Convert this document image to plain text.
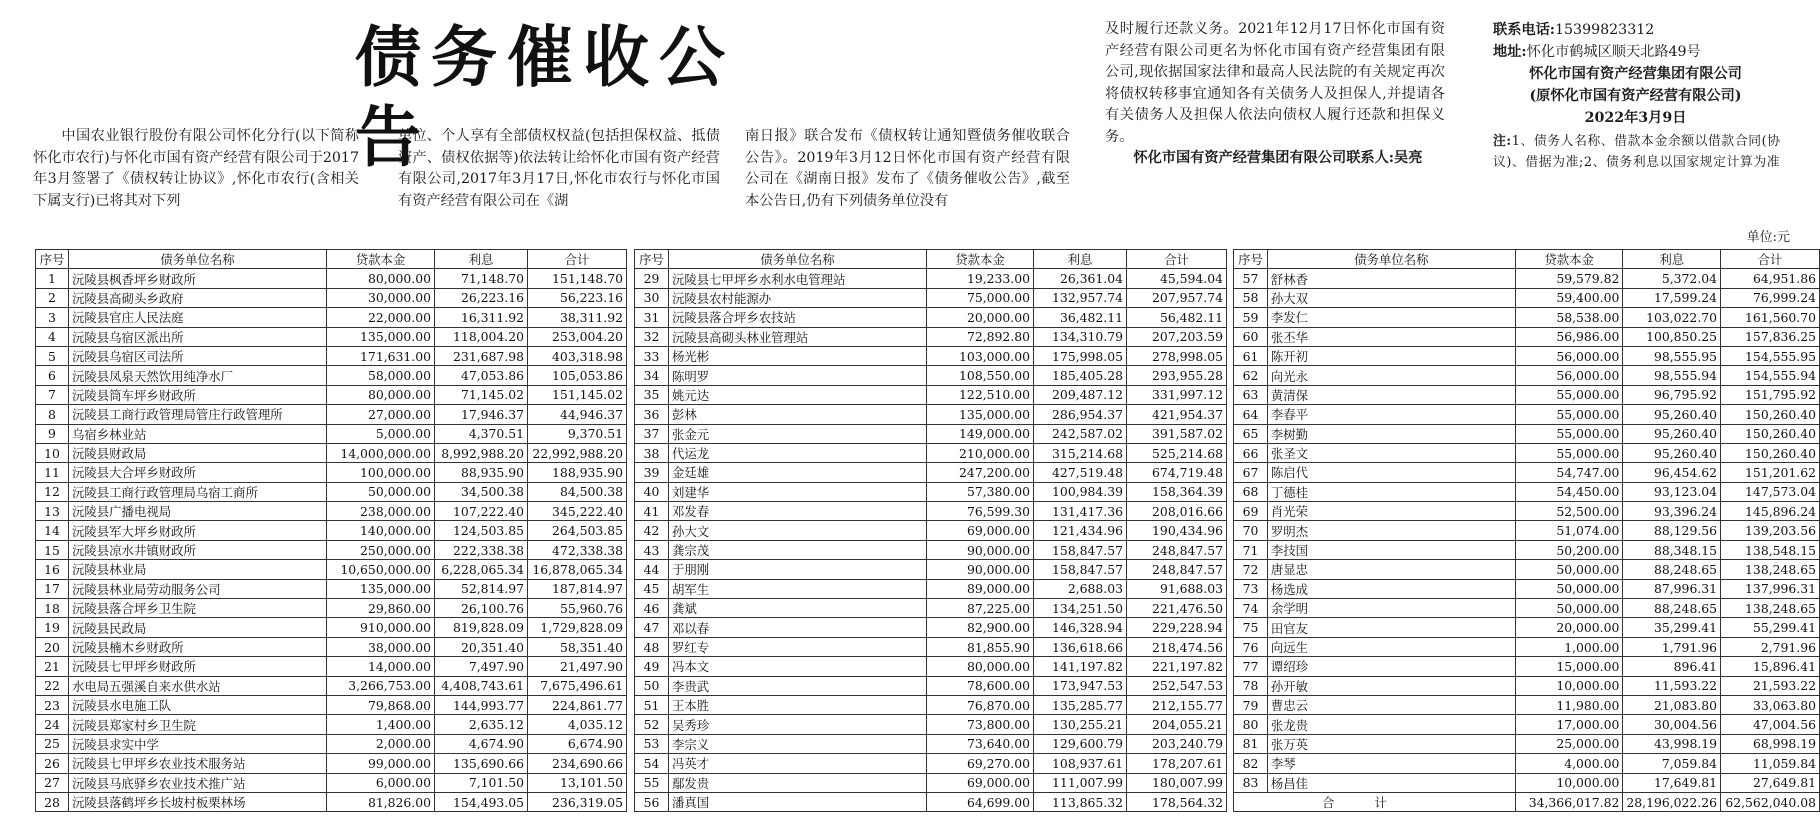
债务催收公告

中国农业银行股份有限公司怀化分行(以下简称怀化市农行)与怀化市国有资产经营有限公司于2017年3月签署了《债权转让协议》,怀化市农行(含相关下属支行)已将其对下列

单位、个人享有全部债权权益(包括担保权益、抵债资产、债权依据等)依法转让给怀化市国有资产经营有限公司,2017年3月17日,怀化市农行与怀化市国有资产经营有限公司在《湖
南日报》联合发布《债权转让通知暨债务催收联合公告》。2019年3月12日怀化市国有资产经营有限公司在《湖南日报》发布了《债务催收公告》,截至本公告日,仍有下列债务单位没有
及时履行还款义务。2021年12月17日怀化市国有资产经营有限公司更名为怀化市国有资产经营集团有限公司,现依据国家法律和最高人民法院的有关规定再次将债权转移事宜通知各有关债务人及担保人,并提请各有关债务人及担保人依法向债权人履行还款和担保义务。

怀化市国有资产经营集团有限公司联系人:吴亮

联系电话:15399823312
地址:怀化市鹤城区顺天北路49号
怀化市国有资产经营集团有限公司
(原怀化市国有资产经营有限公司)
2022年3月9日
注:1、债务人名称、借款本金余额以借款合同(协议)、借据为准;2、债务利息以国家规定计算为准
单位:元
序号	债务单位名称	贷款本金	利息	合计
1	沅陵县枫香坪乡财政所	80,000.00	71,148.70	151,148.70
2	沅陵县高砌头乡政府	30,000.00	26,223.16	56,223.16
3	沅陵县官庄人民法庭	22,000.00	16,311.92	38,311.92
4	沅陵县乌宿区派出所	135,000.00	118,004.20	253,004.20
5	沅陵县乌宿区司法所	171,631.00	231,687.98	403,318.98
6	沅陵县凤泉天然饮用纯净水厂	58,000.00	47,053.86	105,053.86
7	沅陵县筒车坪乡财政所	80,000.00	71,145.02	151,145.02
8	沅陵县工商行政管理局管庄行政管理所	27,000.00	17,946.37	44,946.37
9	乌宿乡林业站	5,000.00	4,370.51	9,370.51
10	沅陵县财政局	14,000,000.00	8,992,988.20	22,992,988.20
11	沅陵县大合坪乡财政所	100,000.00	88,935.90	188,935.90
12	沅陵县工商行政管理局乌宿工商所	50,000.00	34,500.38	84,500.38
13	沅陵县广播电视局	238,000.00	107,222.40	345,222.40
14	沅陵县军大坪乡财政所	140,000.00	124,503.85	264,503.85
15	沅陵县凉水井镇财政所	250,000.00	222,338.38	472,338.38
16	沅陵县林业局	10,650,000.00	6,228,065.34	16,878,065.34
17	沅陵县林业局劳动服务公司	135,000.00	52,814.97	187,814.97
18	沅陵县落合坪乡卫生院	29,860.00	26,100.76	55,960.76
19	沅陵县民政局	910,000.00	819,828.09	1,729,828.09
20	沅陵县楠木乡财政所	38,000.00	20,351.40	58,351.40
21	沅陵县七甲坪乡财政所	14,000.00	7,497.90	21,497.90
22	水电局五强溪自来水供水站	3,266,753.00	4,408,743.61	7,675,496.61
23	沅陵县水电施工队	79,868.00	144,993.77	224,861.77
24	沅陵县郑家村乡卫生院	1,400.00	2,635.12	4,035.12
25	沅陵县求实中学	2,000.00	4,674.90	6,674.90
26	沅陵县七甲坪乡农业技术服务站	99,000.00	135,690.66	234,690.66
27	沅陵县马底驿乡农业技术推广站	6,000.00	7,101.50	13,101.50
28	沅陵县落鹤坪乡长坡村板栗林场	81,826.00	154,493.05	236,319.05
序号	债务单位名称	贷款本金	利息	合计
29	沅陵县七甲坪乡水利水电管理站	19,233.00	26,361.04	45,594.04
30	沅陵县农村能源办	75,000.00	132,957.74	207,957.74
31	沅陵县落合坪乡农技站	20,000.00	36,482.11	56,482.11
32	沅陵县高砌头林业管理站	72,892.80	134,310.79	207,203.59
33	杨光彬	103,000.00	175,998.05	278,998.05
34	陈明罗	108,550.00	185,405.28	293,955.28
35	姚元达	122,510.00	209,487.12	331,997.12
36	彭林	135,000.00	286,954.37	421,954.37
37	张金元	149,000.00	242,587.02	391,587.02
38	代运龙	210,000.00	315,214.68	525,214.68
39	金廷雄	247,200.00	427,519.48	674,719.48
40	刘建华	57,380.00	100,984.39	158,364.39
41	邓发春	76,599.30	131,417.36	208,016.66
42	孙大文	69,000.00	121,434.96	190,434.96
43	龚宗茂	90,000.00	158,847.57	248,847.57
44	于朋刚	90,000.00	158,847.57	248,847.57
45	胡军生	89,000.00	2,688.03	91,688.03
46	龚斌	87,225.00	134,251.50	221,476.50
47	邓以春	82,900.00	146,328.94	229,228.94
48	罗红专	81,855.90	136,618.66	218,474.56
49	冯本文	80,000.00	141,197.82	221,197.82
50	李贵武	78,600.00	173,947.53	252,547.53
51	王本胜	76,870.00	135,285.77	212,155.77
52	吴秀珍	73,800.00	130,255.21	204,055.21
53	李宗义	73,640.00	129,600.79	203,240.79
54	冯英才	69,270.00	108,937.61	178,207.61
55	鄢发贵	69,000.00	111,007.99	180,007.99
56	潘真国	64,699.00	113,865.32	178,564.32
序号	债务单位名称	贷款本金	利息	合计
57	舒林香	59,579.82	5,372.04	64,951.86
58	孙大双	59,400.00	17,599.24	76,999.24
59	李发仁	58,538.00	103,022.70	161,560.70
60	张丕华	56,986.00	100,850.25	157,836.25
61	陈开初	56,000.00	98,555.95	154,555.95
62	向光永	56,000.00	98,555.94	154,555.94
63	黄清保	55,000.00	96,795.92	151,795.92
64	李春平	55,000.00	95,260.40	150,260.40
65	李树勤	55,000.00	95,260.40	150,260.40
66	张圣文	55,000.00	95,260.40	150,260.40
67	陈启代	54,747.00	96,454.62	151,201.62
68	丁德桂	54,450.00	93,123.04	147,573.04
69	肖光荣	52,500.00	93,396.24	145,896.24
70	罗明杰	51,074.00	88,129.56	139,203.56
71	李技国	50,200.00	88,348.15	138,548.15
72	唐显忠	50,000.00	88,248.65	138,248.65
73	杨选成	50,000.00	87,996.31	137,996.31
74	余学明	50,000.00	88,248.65	138,248.65
75	田官友	20,000.00	35,299.41	55,299.41
76	向远生	1,000.00	1,791.96	2,791.96
77	谭绍珍	15,000.00	896.41	15,896.41
78	孙开敏	10,000.00	11,593.22	21,593.22
79	曹忠云	11,980.00	21,083.80	33,063.80
80	张龙贵	17,000.00	30,004.56	47,004.56
81	张万英	25,000.00	43,998.19	68,998.19
82	李琴	4,000.00	7,059.84	11,059.84
83	杨昌佳	10,000.00	17,649.81	27,649.81
合计		34,366,017.82	28,196,022.26	62,562,040.08
